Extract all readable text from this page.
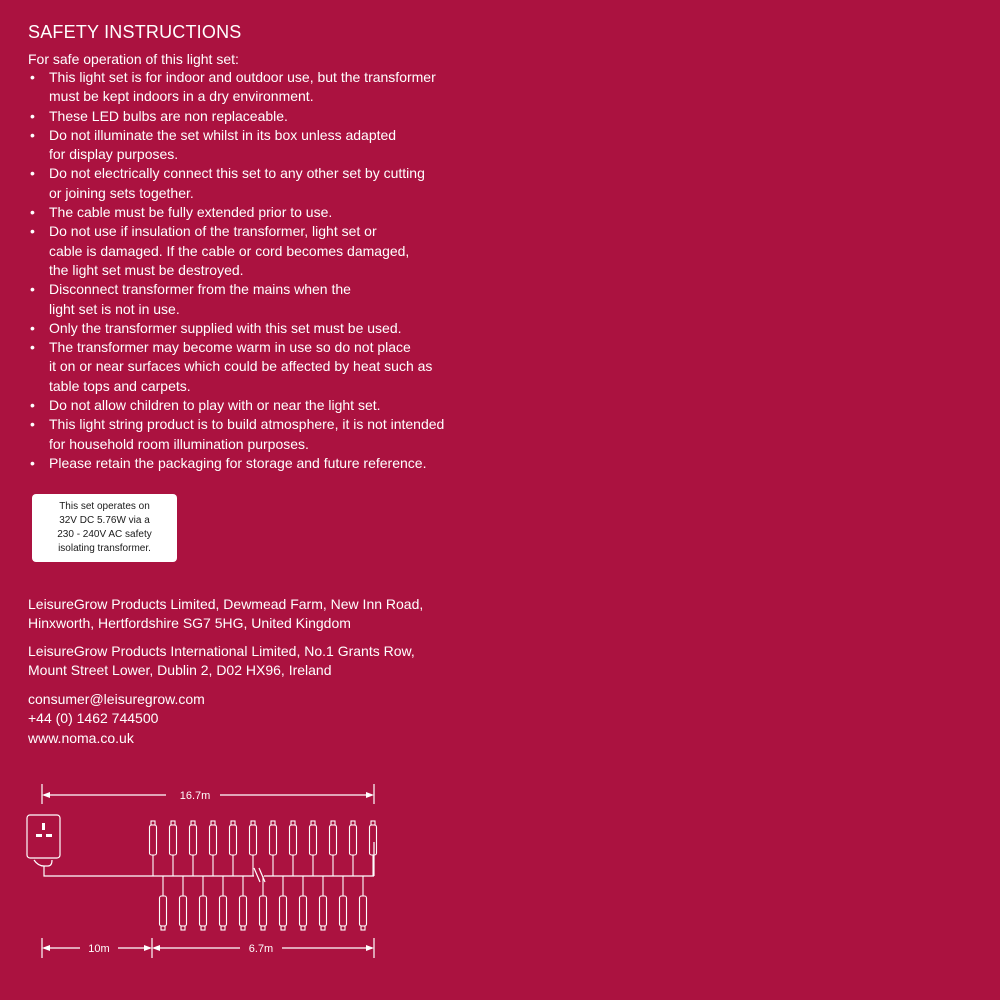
SAFETY INSTRUCTIONS

For safe operation of this light set:

• This light set is for indoor and outdoor use, but the transformer
must be kept indoors in a dry environment.
• These LED bulbs are non replaceable.
• Do not illuminate the set whilst in its box unless adapted
for display purposes.
• Do not electrically connect this set to any other set by cutting
or joining sets together.
• The cable must be fully extended prior to use.
• Do not use if insulation of the transformer, light set or
cable is damaged. If the cable or cord becomes damaged,
the light set must be destroyed.
• Disconnect transformer from the mains when the
light set is not in use.
• Only the transformer supplied with this set must be used.
• The transformer may become warm in use so do not place
it on or near surfaces which could be affected by heat such as
table tops and carpets.
• Do not allow children to play with or near the light set.
• This light string product is to build atmosphere, it is not intended
for household room illumination purposes.
• Please retain the packaging for storage and future reference.
This set operates on
32V DC 5.76W via a
230 - 240V AC safety
isolating transformer.

LeisureGrow Products Limited, Dewmead Farm, New Inn Road,
Hinxworth, Hertfordshire SG7 5HG, United Kingdom

LeisureGrow Products International Limited, No.1 Grants Row,
Mount Street Lower, Dublin 2, D02 HX96, Ireland

consumer@leisuregrow.com
+44 (0) 1462 744500
www.noma.co.uk

16.7m
10m	6.7m
